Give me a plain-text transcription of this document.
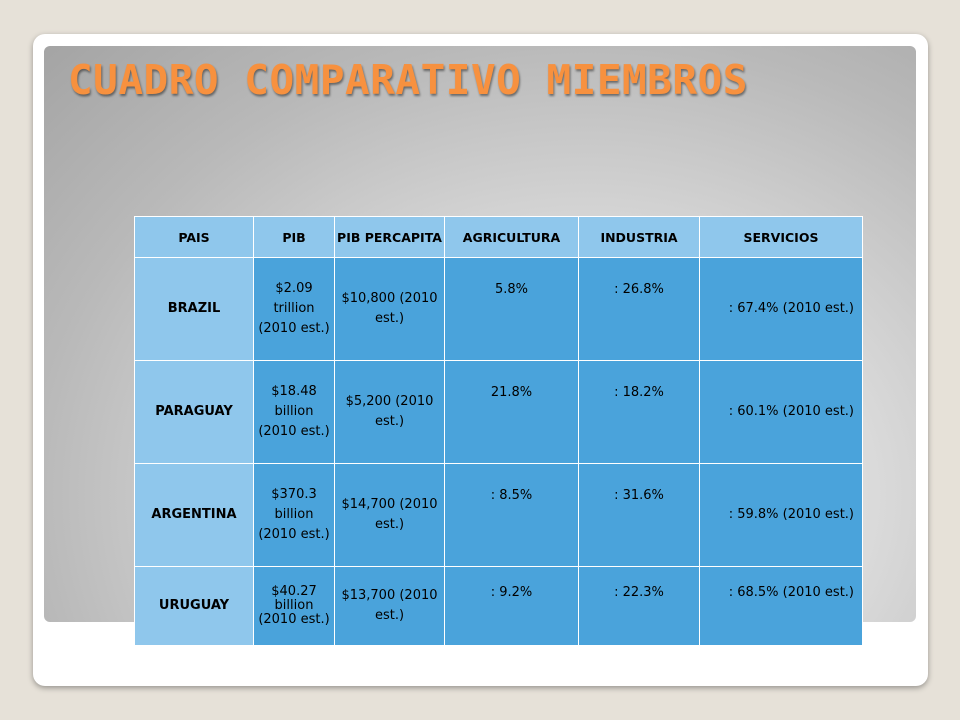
CUADRO COMPARATIVO MIEMBROS
PAIS	PIB	PIB PERCAPITA	AGRICULTURA	INDUSTRIA	SERVICIOS
BRAZIL	$2.09 trillion (2010 est.)	$10,800 (2010 est.)	5.8%	: 26.8%	: 67.4% (2010 est.)
PARAGUAY	$18.48 billion (2010 est.)	$5,200 (2010 est.)	21.8%	: 18.2%	: 60.1% (2010 est.)
ARGENTINA	$370.3 billion (2010 est.)	$14,700 (2010 est.)	: 8.5%	: 31.6%	: 59.8% (2010 est.)
URUGUAY	$40.27 billion (2010 est.)	$13,700 (2010 est.)	: 9.2%	: 22.3%	: 68.5% (2010 est.)
